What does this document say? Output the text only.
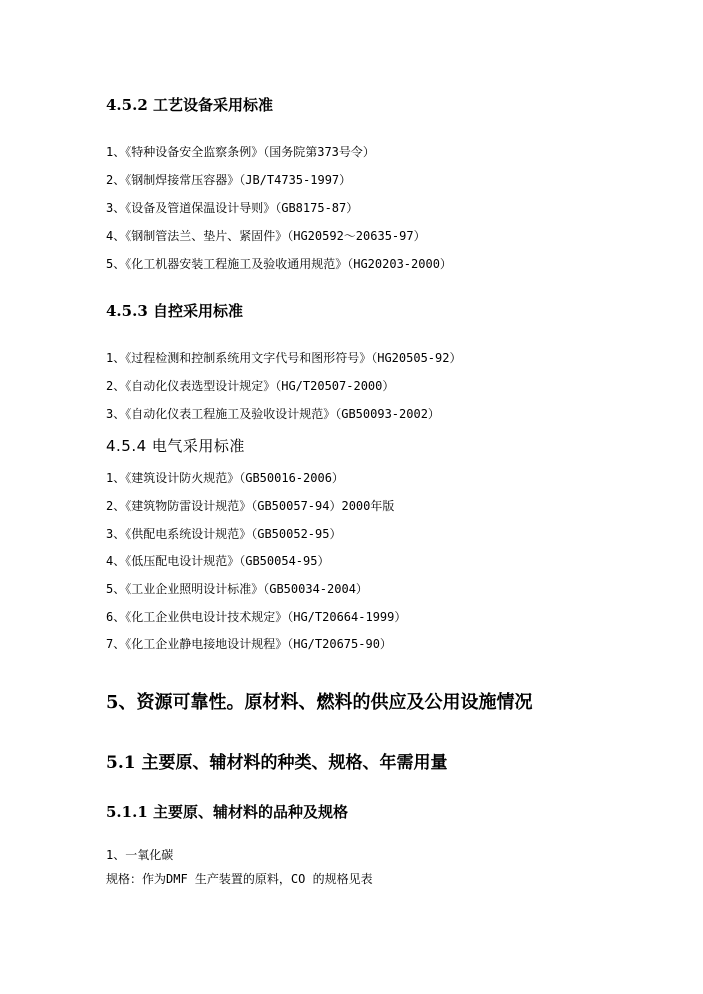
4.5.2 工艺设备采用标准
1、《特种设备安全监察条例》（国务院第373号令）
2、《钢制焊接常压容器》（JB/T4735-1997）
3、《设备及管道保温设计导则》（GB8175-87）
4、《钢制管法兰、垫片、紧固件》（HG20592～20635-97）
5、《化工机器安装工程施工及验收通用规范》（HG20203-2000）
4.5.3 自控采用标准
1、《过程检测和控制系统用文字代号和图形符号》（HG20505-92）
2、《自动化仪表选型设计规定》（HG/T20507-2000）
3、《自动化仪表工程施工及验收设计规范》（GB50093-2002）
4.5.4 电气采用标准
1、《建筑设计防火规范》（GB50016-2006）
2、《建筑物防雷设计规范》（GB50057-94）2000年版
3、《供配电系统设计规范》（GB50052-95）
4、《低压配电设计规范》（GB50054-95）
5、《工业企业照明设计标准》（GB50034-2004）
6、《化工企业供电设计技术规定》（HG/T20664-1999）
7、《化工企业静电接地设计规程》（HG/T20675-90）
5、资源可靠性。原材料、燃料的供应及公用设施情况
5.1 主要原、辅材料的种类、规格、年需用量
5.1.1 主要原、辅材料的品种及规格
1、一氧化碳
规格：作为DMF 生产装置的原料，CO 的规格见表
